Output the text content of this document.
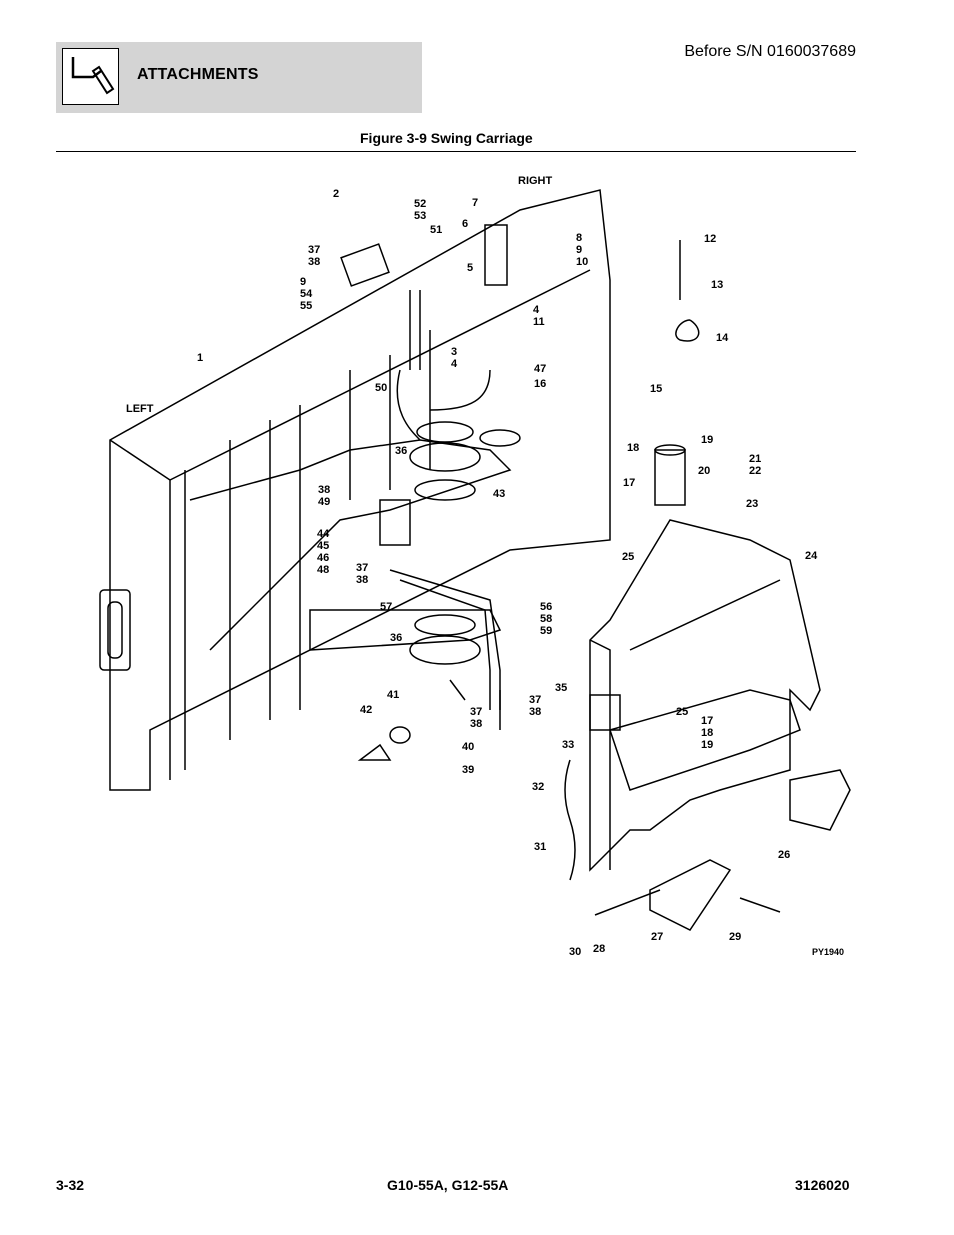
ATTACHMENTS
Before S/N 0160037689
Figure 3-9 Swing Carriage
RIGHT
LEFT
PY1940
1
2
37
38
9
54
55
52
53
51
7
6
5
8
9
10
4
11
3
4	47
16
50
12
13
14
15
36
43
38
49
44
45
46
48 37
38
57	56
58
59
36
18
19
17
20
21
22
23
25	24
35
41
42	37
38
37
38
40
39
25
17
18
19
33
32
31
26
27	29
30 28
3-32	G10-55A, G12-55A	3126020
